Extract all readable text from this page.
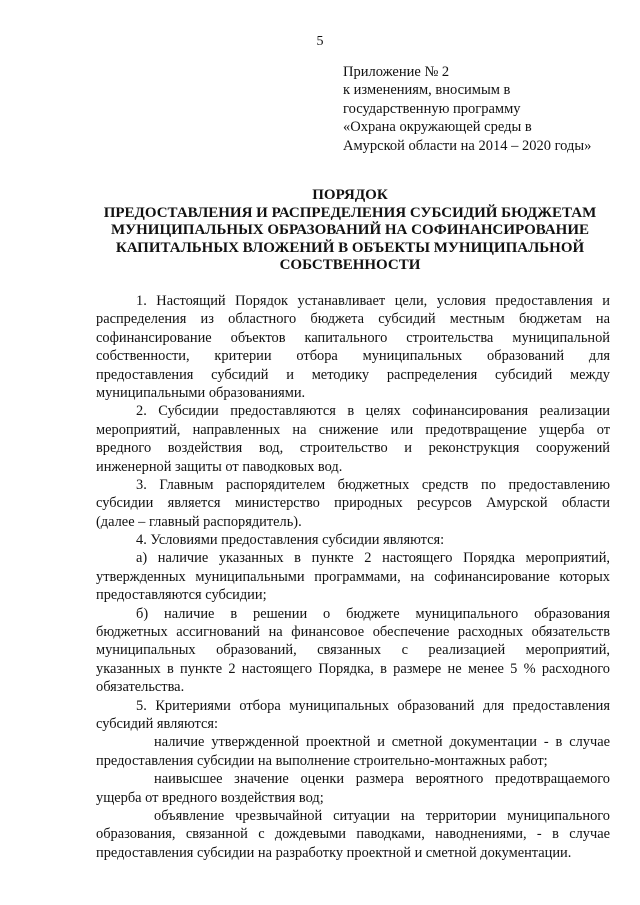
5
Приложение № 2
к изменениям, вносимым в
государственную программу
«Охрана окружающей среды в
Амурской области на 2014 – 2020 годы»
ПОРЯДОК
ПРЕДОСТАВЛЕНИЯ И РАСПРЕДЕЛЕНИЯ СУБСИДИЙ БЮДЖЕТАМ
МУНИЦИПАЛЬНЫХ ОБРАЗОВАНИЙ НА СОФИНАНСИРОВАНИЕ
КАПИТАЛЬНЫХ ВЛОЖЕНИЙ В ОБЪЕКТЫ МУНИЦИПАЛЬНОЙ
СОБСТВЕННОСТИ
1. Настоящий Порядок устанавливает цели, условия предоставления и
распределения из областного бюджета субсидий местным бюджетам на
софинансирование объектов капитального строительства муниципальной
собственности, критерии отбора муниципальных образований для
предоставления субсидий и методику распределения субсидий между
муниципальными образованиями.
2. Субсидии предоставляются в целях софинансирования реализации
мероприятий, направленных на снижение или предотвращение ущерба от
вредного воздействия вод, строительство и реконструкция сооружений
инженерной защиты от паводковых вод.
3. Главным распорядителем бюджетных средств по предоставлению
субсидии является министерство природных ресурсов Амурской области
(далее – главный распорядитель).
4. Условиями предоставления субсидии являются:
а) наличие указанных в пункте 2 настоящего Порядка мероприятий,
утвержденных муниципальными программами, на софинансирование которых
предоставляются субсидии;
б) наличие в решении о бюджете муниципального образования
бюджетных ассигнований на финансовое обеспечение расходных обязательств
муниципальных образований, связанных с реализацией мероприятий,
указанных в пункте 2 настоящего Порядка, в размере не менее 5 % расходного
обязательства.
5. Критериями отбора муниципальных образований для предоставления
субсидий являются:
наличие утвержденной проектной и сметной документации - в случае
предоставления субсидии на выполнение строительно-монтажных работ;
наивысшее значение оценки размера вероятного предотвращаемого
ущерба от вредного воздействия вод;
объявление чрезвычайной ситуации на территории муниципального
образования, связанной с дождевыми паводками, наводнениями, - в случае
предоставления субсидии на разработку проектной и сметной документации.
